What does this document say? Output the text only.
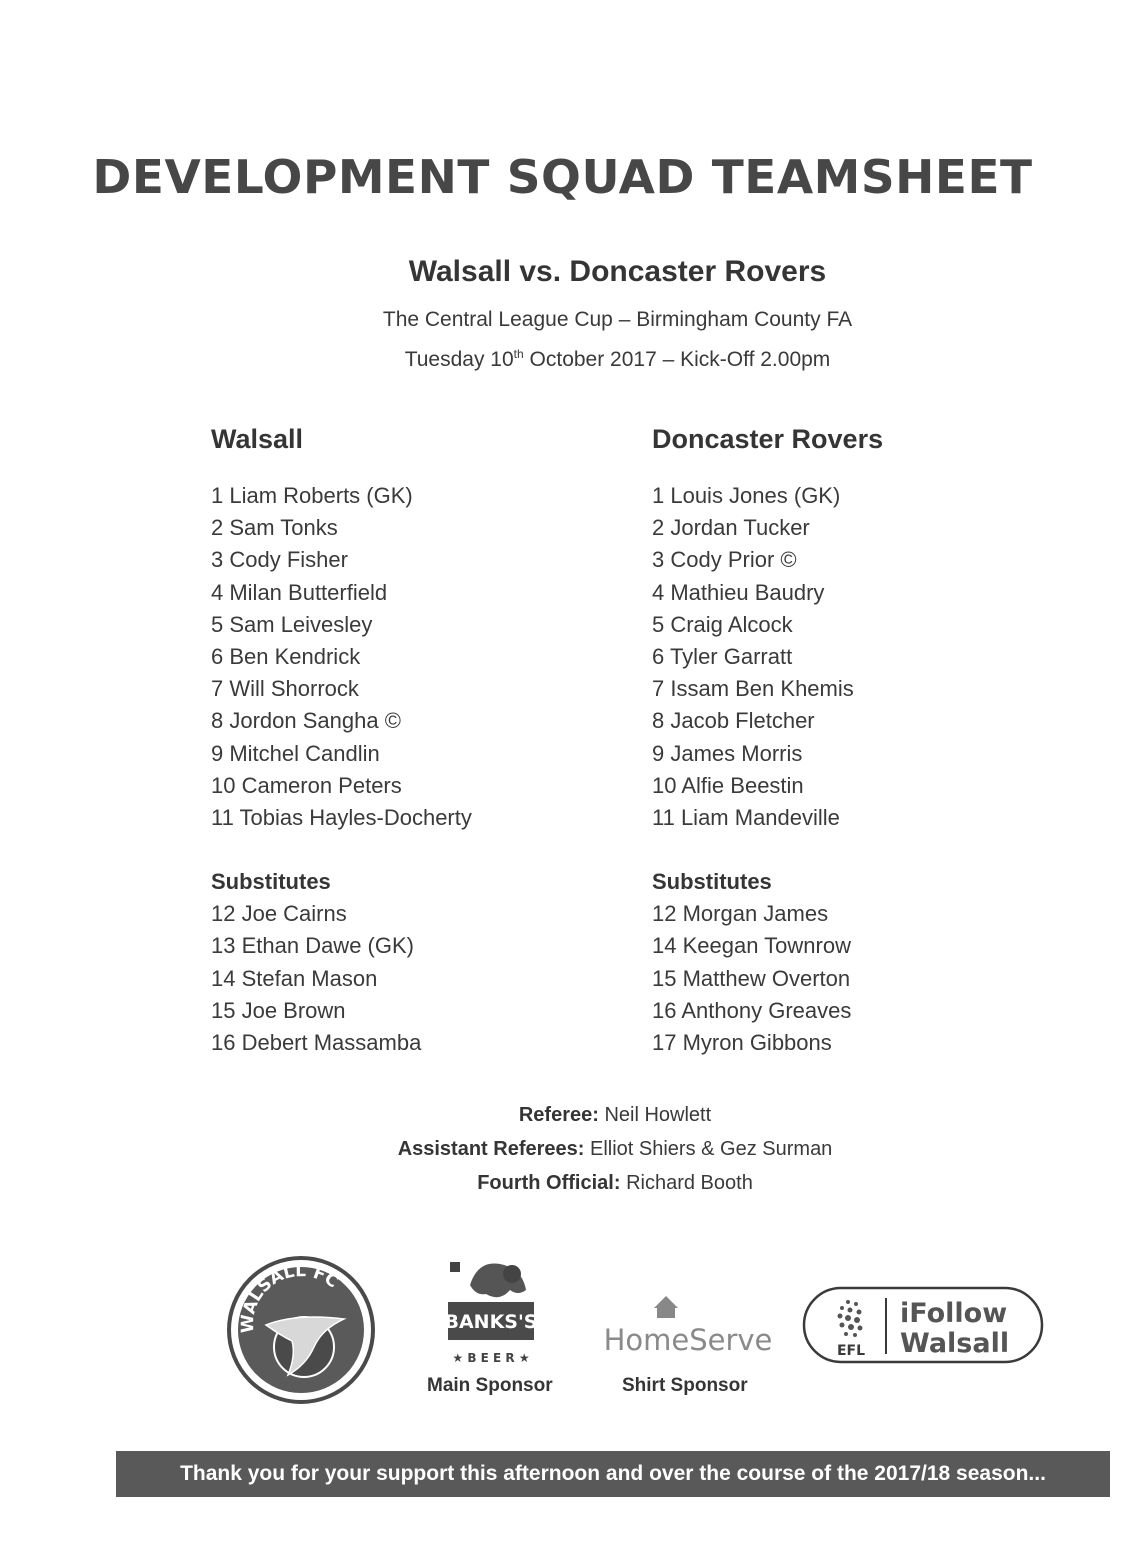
DEVELOPMENT SQUAD TEAMSHEET

Walsall vs. Doncaster Rovers

The Central League Cup – Birmingham County FA

Tuesday 10th October 2017 – Kick-Off 2.00pm

Walsall
1 Liam Roberts (GK)
2 Sam Tonks
3 Cody Fisher
4 Milan Butterfield
5 Sam Leivesley
6 Ben Kendrick
7 Will Shorrock
8 Jordon Sangha ©
9 Mitchel Candlin
10 Cameron Peters
11 Tobias Hayles-Docherty
Substitutes
12 Joe Cairns
13 Ethan Dawe (GK)
14 Stefan Mason
15 Joe Brown
16 Debert Massamba
Doncaster Rovers
1 Louis Jones (GK)
2 Jordan Tucker
3 Cody Prior ©
4 Mathieu Baudry
5 Craig Alcock
6 Tyler Garratt
7 Issam Ben Khemis
8 Jacob Fletcher
9 James Morris
10 Alfie Beestin
11 Liam Mandeville
Substitutes
12 Morgan James
14 Keegan Townrow
15 Matthew Overton
16 Anthony Greaves
17 Myron Gibbons

Referee: Neil Howlett

Assistant Referees: Elliot Shiers & Gez Surman

Fourth Official: Richard Booth

WALSALL FC
BANKS'S
★ B E E R ★
HomeServe	EFL
iFollow
Walsall
Main Sponsor	Shirt Sponsor
Thank you for your support this afternoon and over the course of the 2017/18 season...
